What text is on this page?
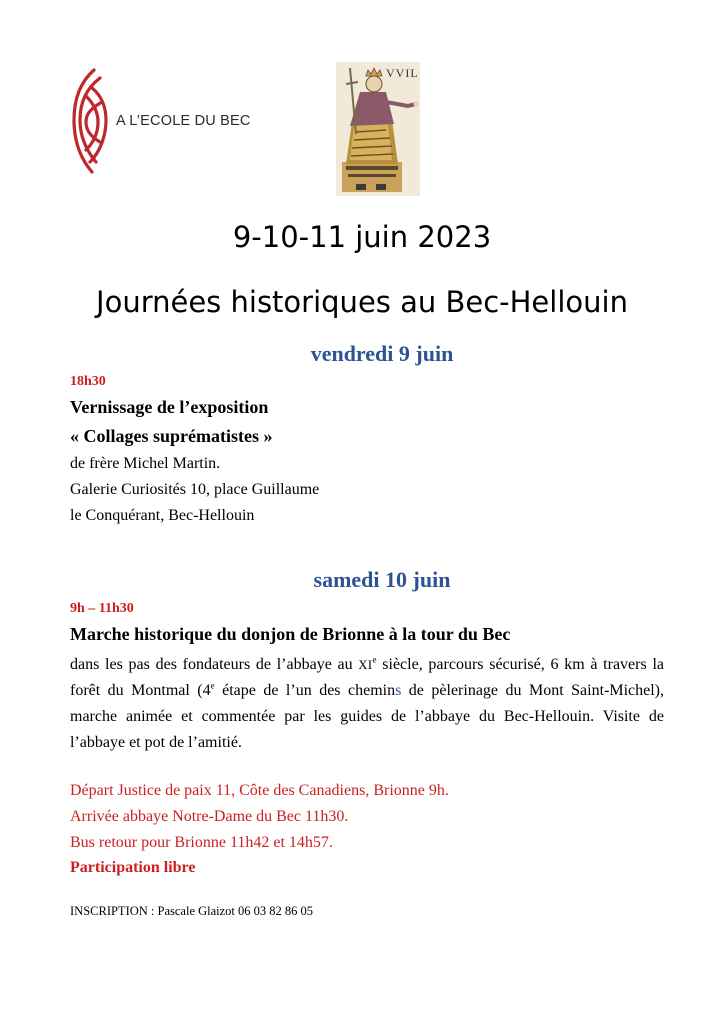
A L’ECOLE DU BEC
VVIL
9-10-11 juin 2023
Journées historiques au Bec-Hellouin
vendredi 9 juin
18h30
Vernissage de l’exposition
« Collages suprématistes »
de frère Michel Martin.
Galerie Curiosités 10, place Guillaume
le Conquérant, Bec-Hellouin
samedi 10 juin
9h – 11h30
Marche historique du donjon de Brionne à la tour du Bec
dans les pas des fondateurs de l’abbaye au XIe siècle, parcours sécurisé, 6 km à travers la forêt du Montmal (4e étape de l’un des chemins de pèlerinage du Mont Saint-Michel), marche animée et commentée par les guides de l’abbaye du Bec-Hellouin. Visite de l’abbaye et pot de l’amitié.
Départ Justice de paix 11, Côte des Canadiens, Brionne 9h.
Arrivée abbaye Notre-Dame du Bec 11h30.
Bus retour pour Brionne 11h42 et 14h57.
Participation libre
INSCRIPTION : Pascale Glaizot 06 03 82 86 05
